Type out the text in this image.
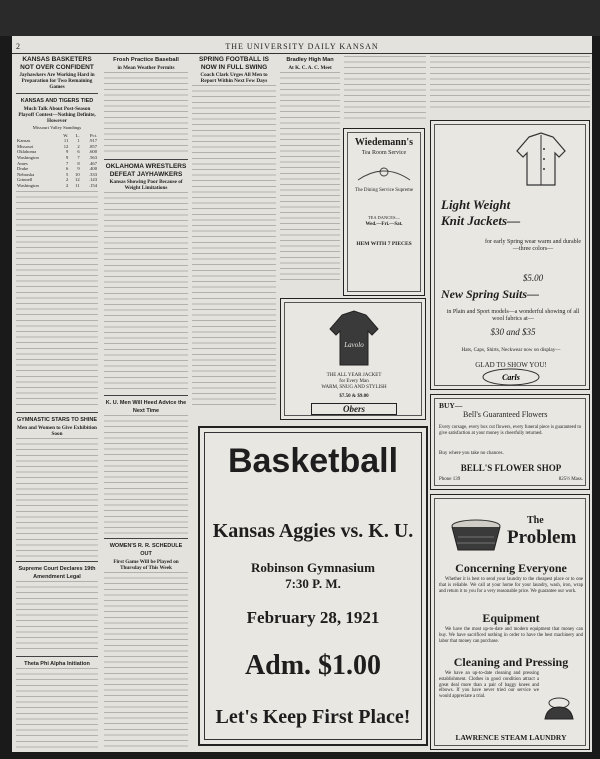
2	THE UNIVERSITY DAILY KANSAN
KANSAS BASKETERS NOT OVER CONFIDENT
Jayhawkers Are Working Hard in Preparation for Two Remaining Games
KANSAS AND TIGERS TIED
Much Talk About Post-Season Playoff Contest—Nothing Definite, However
Missouri Valley Standings
	W.	L.	Pct.
Kansas	11	1	.917
Missouri	12	2	.857
Oklahoma	9	6	.600
Washington	9	7	.563
Ames	7	8	.467
Drake	6	9	.400
Nebraska	5	10	.333
Grinnell	2	12	.143
Washington	2	11	.154
GYMNASTIC STARS TO SHINE
Men and Women to Give Exhibition Soon
Supreme Court Declares 19th Amendment Legal
Theta Phi Alpha Initiation
Frosh Practice Baseball
in Mean Weather Permits
OKLAHOMA WRESTLERS DEFEAT JAYHAWKERS
Kansas Showing Poor Because of Weight Limitations
K. U. Men Will Heed Advice the Next Time
WOMEN'S R. R. SCHEDULE OUT
First Game Will be Played on Thursday of This Week
SPRING FOOTBALL IS NOW IN FULL SWING
Coach Clark Urges All Men to Report Within Next Few Days
Bradley High Man
At K. C. A. C. Meet
Wiedemann's
Tea Room Service
The Dining Service Supreme
TEA DANCES—
Wed.—Fri.—Sat.
HEM WITH 7 PIECES
Light Weight
Knit Jackets—
for early Spring wear warm and durable—three colors—
$5.00
New Spring Suits—
in Plain and Sport models—a wonderful showing of all wool fabrics at—
$30 and $35
Hats, Caps, Shirts, Neckwear now on display—
GLAD TO SHOW YOU!
Carls
Lavolo
THE ALL YEAR JACKET
for Every Man
WARM, SNUG AND STYLISH
$7.50 & $9.00
Obers	BUY—
Bell's Guaranteed Flowers
Every corsage, every box cut flowers, every funeral piece is guaranteed to give satisfaction at your money is cheerfully returned.
Buy where you take no chances.
BELL'S FLOWER SHOP
Phone 139	825½ Mass.
Basketball
Kansas Aggies vs. K. U.
Robinson Gymnasium
7:30 P. M.
February 28, 1921
Adm. $1.00
Let's Keep First Place!
The
Problem
Concerning Everyone
Whether it is best to send your laundry to the cheapest place or to one that is reliable. We call at your home for your laundry, wash, iron, wrap and return it to you for a very reasonable price. We guarantee our work.
Equipment
We have the most up-to-date and modern equipment that money can buy. We have sacrificed nothing in order to have the best machinery and labor that money can purchase.
Cleaning and Pressing
We have an up-to-date cleaning and pressing establishment. Clothes in good condition attract a great deal more than a pair of baggy knees and elbows. If you have never tried our service we would appreciate a trial.
LAWRENCE STEAM LAUNDRY
